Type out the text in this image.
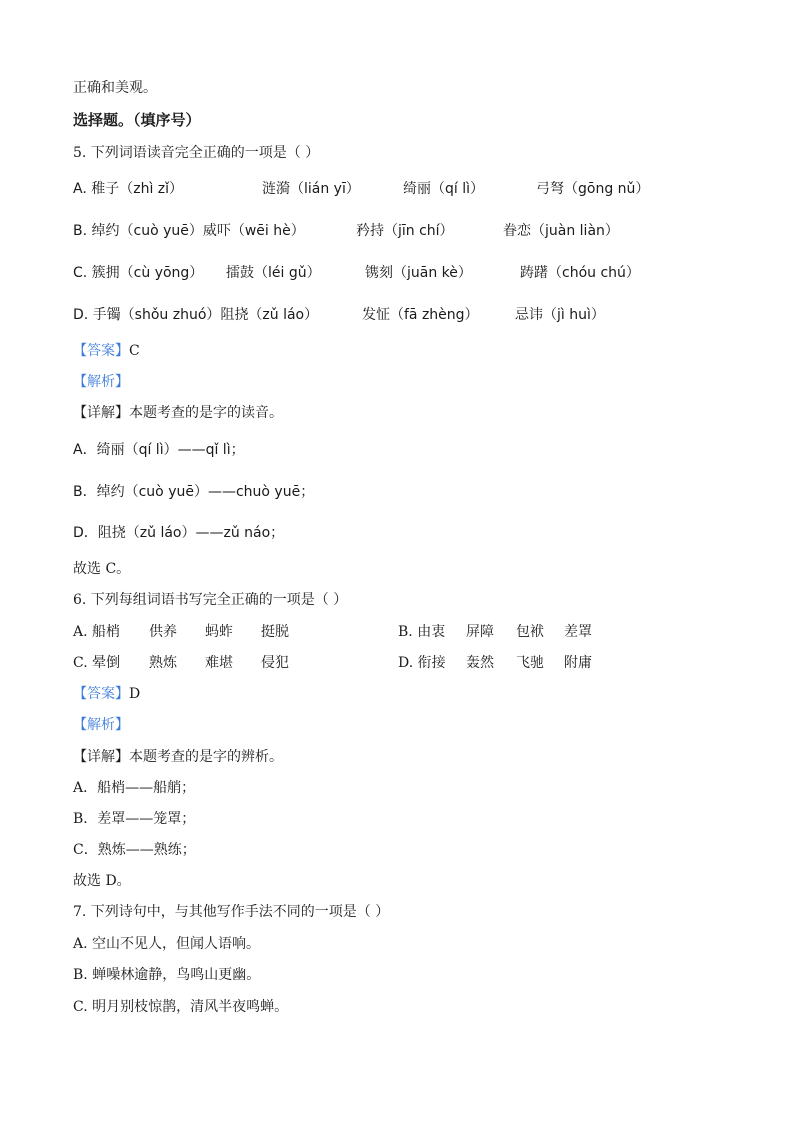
正确和美观。
选择题。（填序号）
5. 下列词语读音完全正确的一项是（ ）
A. 稚子（zhì zǐ）	涟漪（lián yī）	绮丽（qí lì）	弓弩（gōng nǔ）
B. 绰约（cuò yuē）威吓（wēi hè）	矜持（jīn chí）	眷恋（juàn liàn）
C. 簇拥（cù yōng） 擂鼓（léi gǔ）	镌刻（juān kè）	踌躇（chóu chú）
D. 手镯（shǒu zhuó）阻挠（zǔ láo）	发怔（fā zhèng）	忌讳（jì huì）
【答案】C
【解析】
【详解】本题考查的是字的读音。
A．绮丽（qí lì）——qǐ lì；
B．绰约（cuò yuē）——chuò yuē；
D．阻挠（zǔ láo）——zǔ náo；
故选 C。
6. 下列每组词语书写完全正确的一项是（ ）
A. 船梢 供养 蚂蚱 挺脱	B. 由衷 屏障 包袱 差罩
C. 晕倒 熟炼 难堪 侵犯	D. 衔接 轰然 飞驰 附庸
【答案】D
【解析】
【详解】本题考查的是字的辨析。
A．船梢——船艄；
B．差罩——笼罩；
C．熟炼——熟练；
故选 D。
7. 下列诗句中，与其他写作手法不同的一项是（ ）
A. 空山不见人，但闻人语响。
B. 蝉噪林逾静，鸟鸣山更幽。
C. 明月别枝惊鹊，清风半夜鸣蝉。
